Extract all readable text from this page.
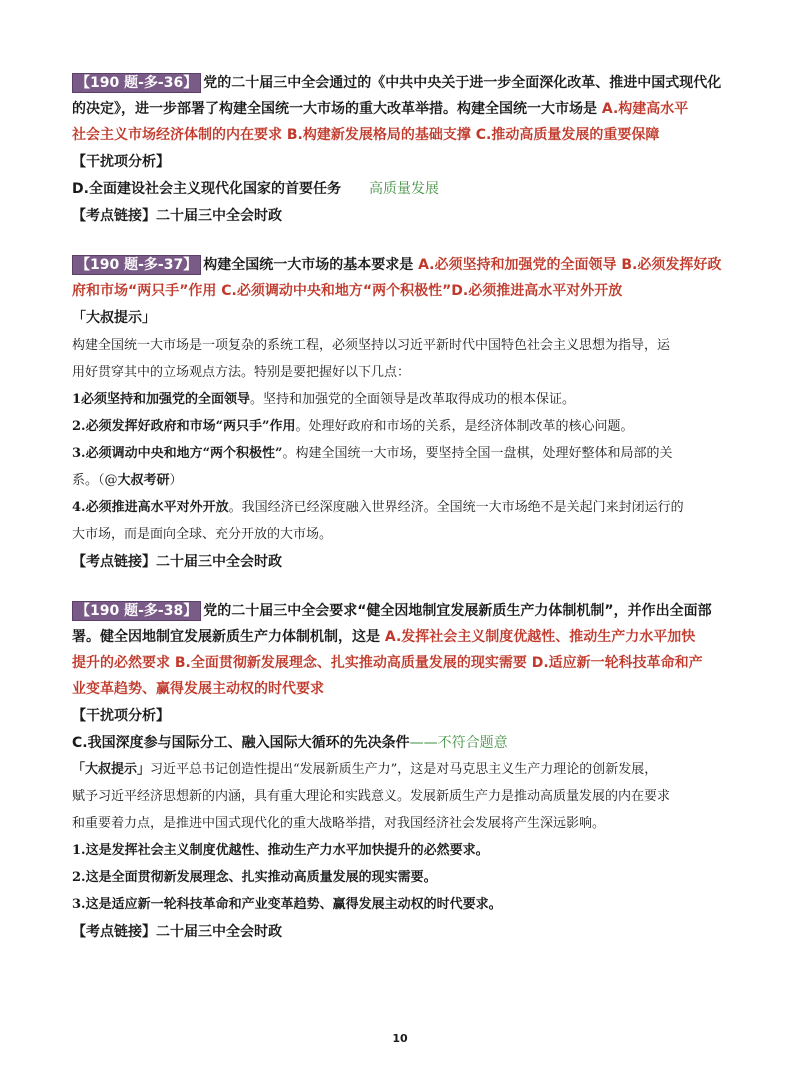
【190 题-多-36】 党的二十届三中全会通过的《中共中央关于进一步全面深化改革、推进中国式现代化
的决定》，进一步部署了构建全国统一大市场的重大改革举措。构建全国统一大市场是 A.构建高水平
社会主义市场经济体制的内在要求 B.构建新发展格局的基础支撑 C.推动高质量发展的重要保障
【干扰项分析】
D.全面建设社会主义现代化国家的首要任务 高质量发展
【考点链接】二十届三中全会时政
【190 题-多-37】 构建全国统一大市场的基本要求是 A.必须坚持和加强党的全面领导 B.必须发挥好政
府和市场“两只手”作用 C.必须调动中央和地方“两个积极性”D.必须推进高水平对外开放
「大叔提示」
构建全国统一大市场是一项复杂的系统工程，必须坚持以习近平新时代中国特色社会主义思想为指导，运
用好贯穿其中的立场观点方法。特别是要把握好以下几点：
1必须坚持和加强党的全面领导。坚持和加强党的全面领导是改革取得成功的根本保证。
2.必须发挥好政府和市场“两只手”作用。处理好政府和市场的关系，是经济体制改革的核心问题。
3.必须调动中央和地方“两个积极性”。构建全国统一大市场，要坚持全国一盘棋，处理好整体和局部的关
系。（@大叔考研）
4.必须推进高水平对外开放。我国经济已经深度融入世界经济。全国统一大市场绝不是关起门来封闭运行的
大市场，而是面向全球、充分开放的大市场。
【考点链接】二十届三中全会时政
【190 题-多-38】 党的二十届三中全会要求“健全因地制宜发展新质生产力体制机制”，并作出全面部
署。健全因地制宜发展新质生产力体制机制，这是 A.发挥社会主义制度优越性、推动生产力水平加快
提升的必然要求 B.全面贯彻新发展理念、扎实推动高质量发展的现实需要 D.适应新一轮科技革命和产
业变革趋势、赢得发展主动权的时代要求
【干扰项分析】
C.我国深度参与国际分工、融入国际大循环的先决条件——不符合题意
「大叔提示」习近平总书记创造性提出“发展新质生产力”，这是对马克思主义生产力理论的创新发展，
赋予习近平经济思想新的内涵，具有重大理论和实践意义。发展新质生产力是推动高质量发展的内在要求
和重要着力点，是推进中国式现代化的重大战略举措，对我国经济社会发展将产生深远影响。
1.这是发挥社会主义制度优越性、推动生产力水平加快提升的必然要求。
2.这是全面贯彻新发展理念、扎实推动高质量发展的现实需要。
3.这是适应新一轮科技革命和产业变革趋势、赢得发展主动权的时代要求。
【考点链接】二十届三中全会时政
10
